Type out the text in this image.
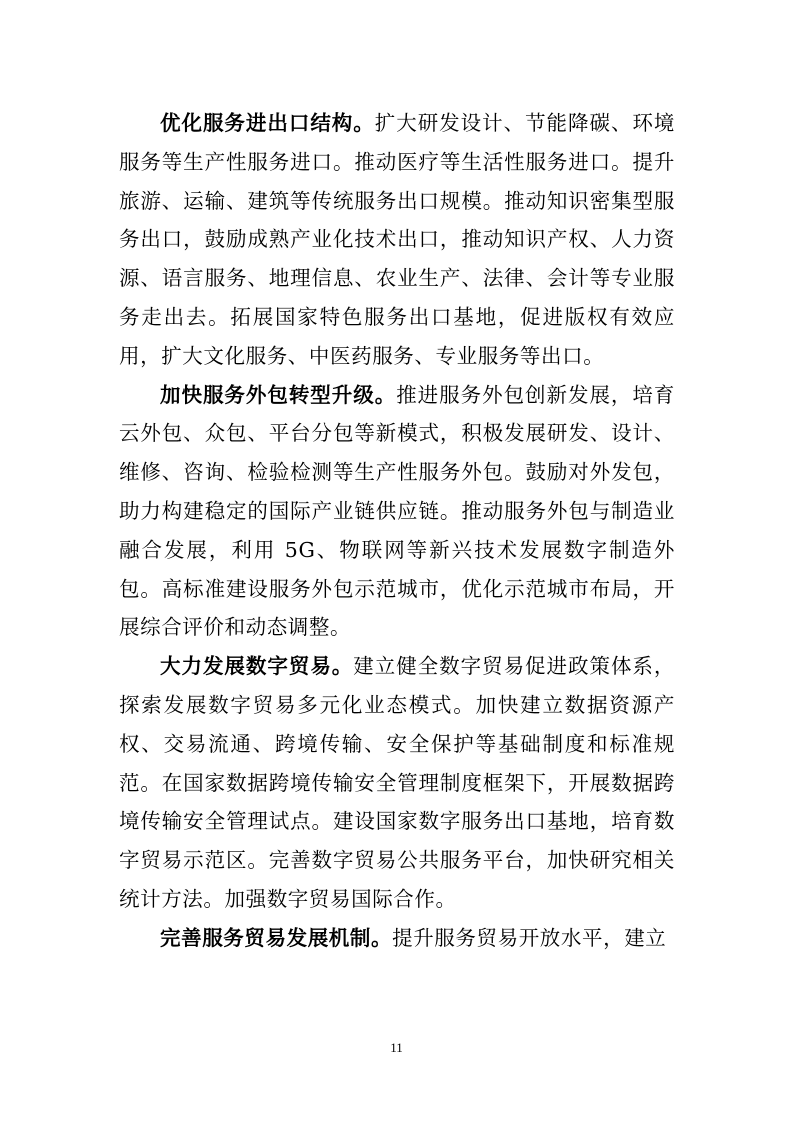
优化服务进出口结构。扩大研发设计、节能降碳、环境服务等生产性服务进口。推动医疗等生活性服务进口。提升旅游、运输、建筑等传统服务出口规模。推动知识密集型服务出口，鼓励成熟产业化技术出口，推动知识产权、人力资源、语言服务、地理信息、农业生产、法律、会计等专业服务走出去。拓展国家特色服务出口基地，促进版权有效应用，扩大文化服务、中医药服务、专业服务等出口。

加快服务外包转型升级。推进服务外包创新发展，培育云外包、众包、平台分包等新模式，积极发展研发、设计、维修、咨询、检验检测等生产性服务外包。鼓励对外发包，助力构建稳定的国际产业链供应链。推动服务外包与制造业融合发展，利用 5G、物联网等新兴技术发展数字制造外包。高标准建设服务外包示范城市，优化示范城市布局，开展综合评价和动态调整。

大力发展数字贸易。建立健全数字贸易促进政策体系，探索发展数字贸易多元化业态模式。加快建立数据资源产权、交易流通、跨境传输、安全保护等基础制度和标准规范。在国家数据跨境传输安全管理制度框架下，开展数据跨境传输安全管理试点。建设国家数字服务出口基地，培育数字贸易示范区。完善数字贸易公共服务平台，加快研究相关统计方法。加强数字贸易国际合作。

完善服务贸易发展机制。提升服务贸易开放水平，建立

11
